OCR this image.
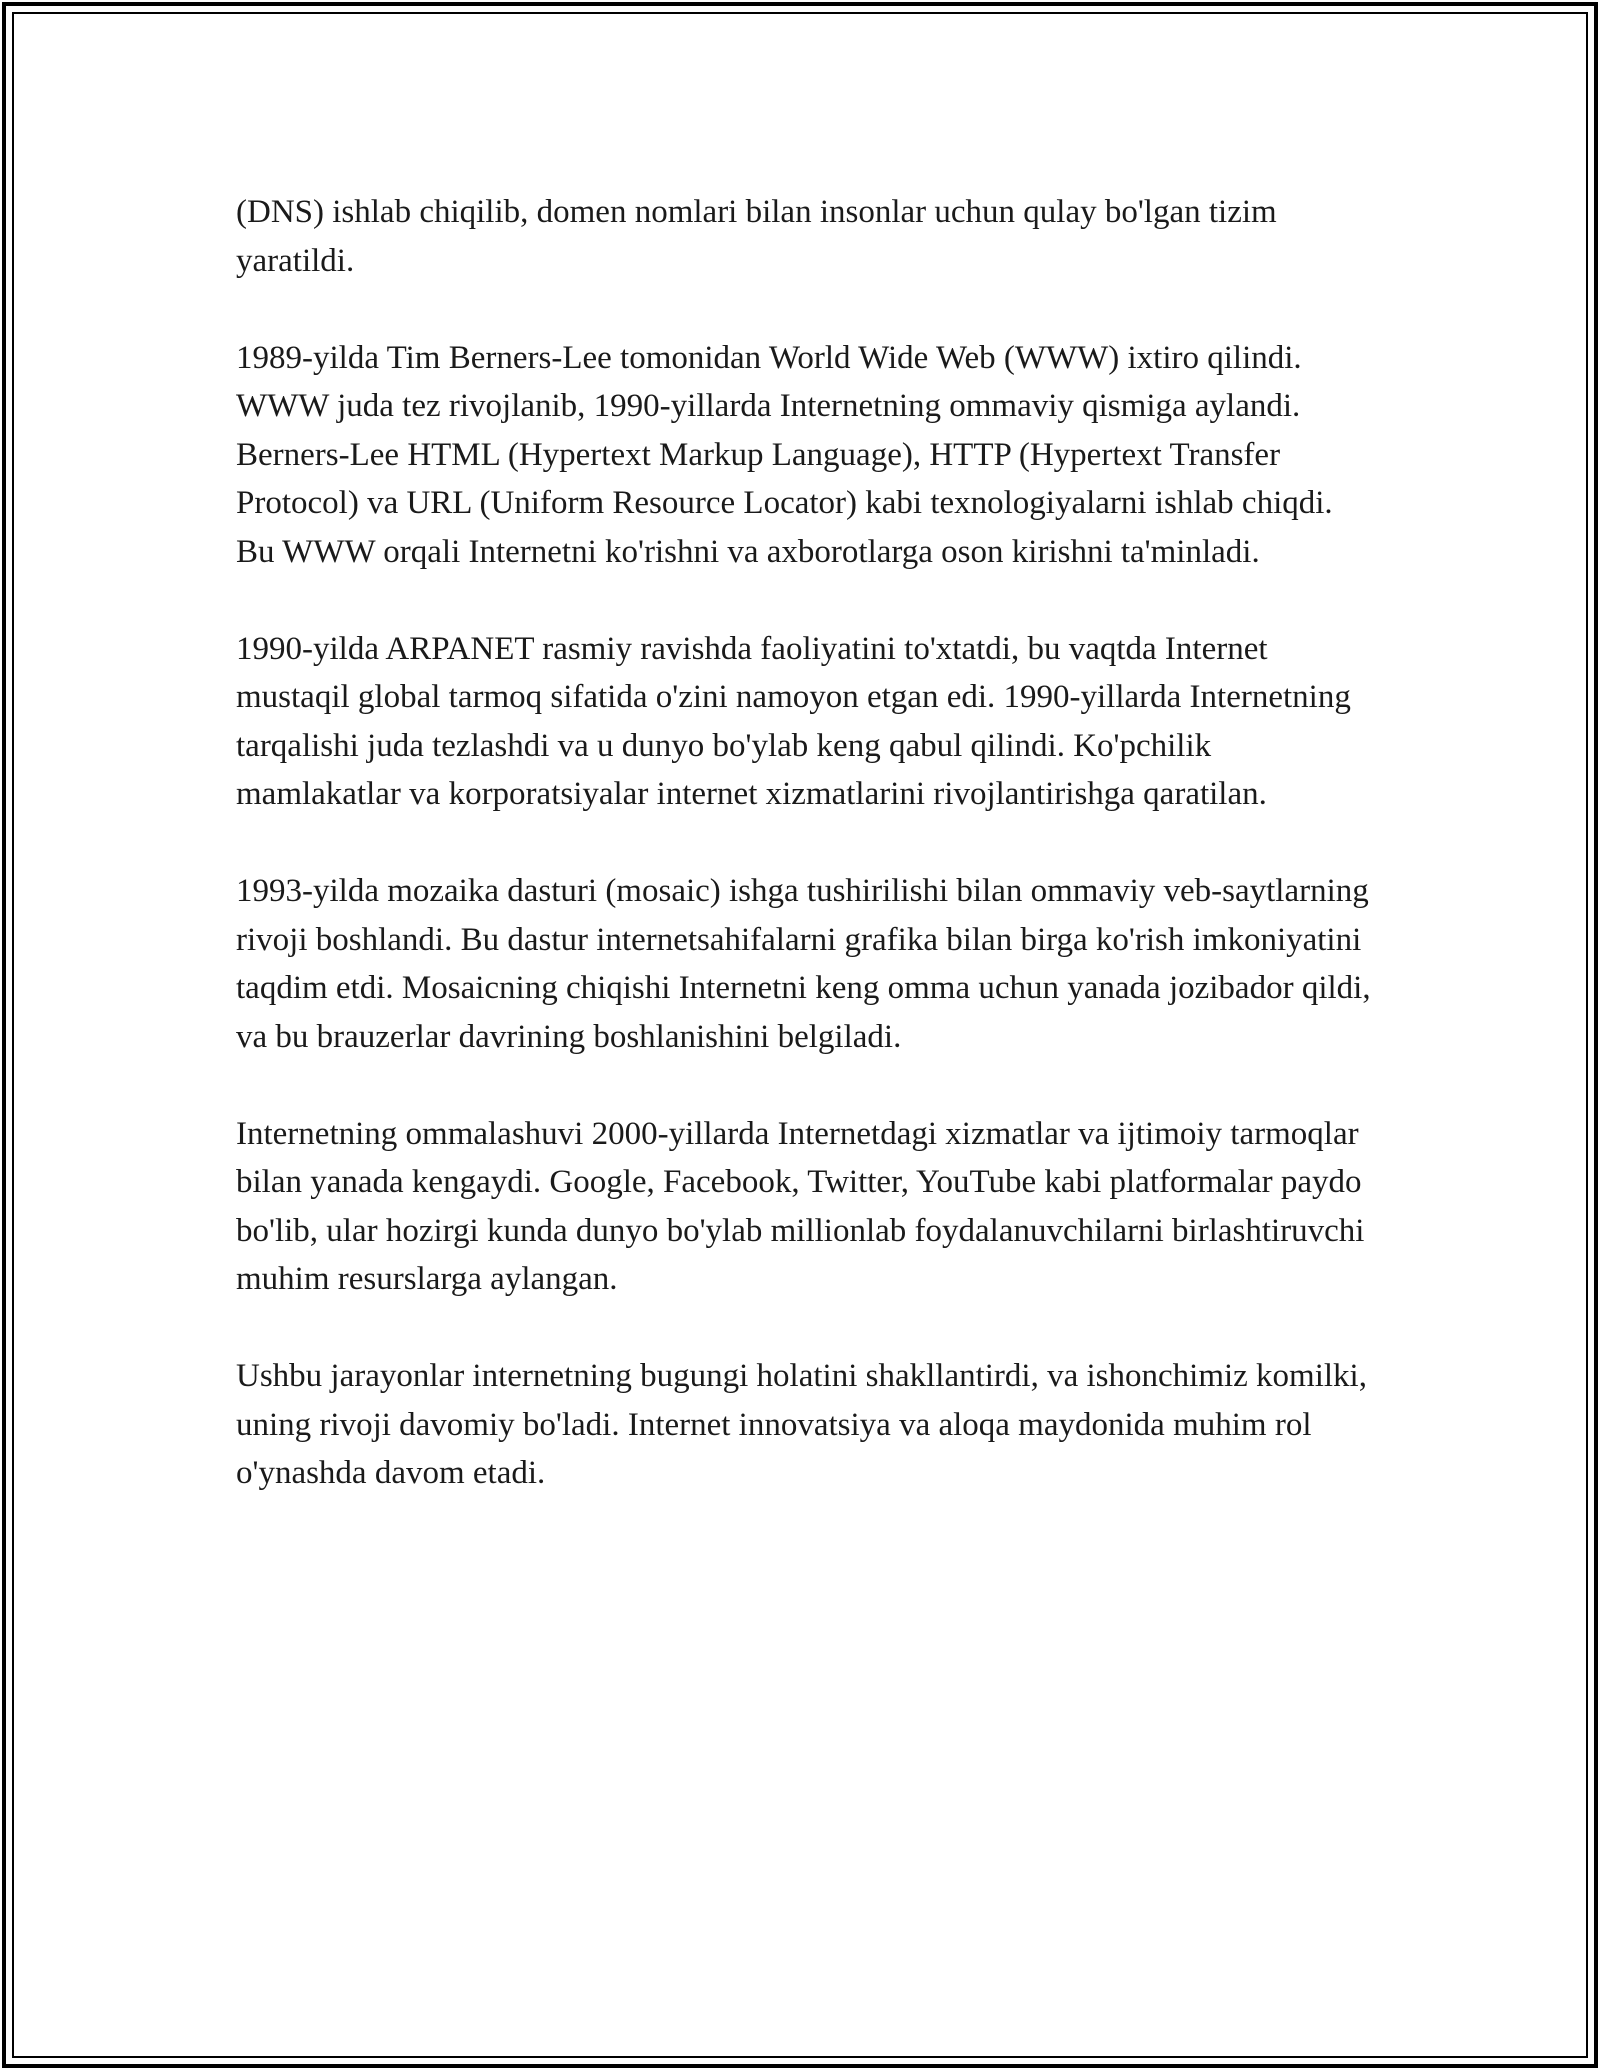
(DNS) ishlab chiqilib, domen nomlari bilan insonlar uchun qulay bo'lgan tizim yaratildi.

1989-yilda Tim Berners-Lee tomonidan World Wide Web (WWW) ixtiro qilindi. WWW juda tez rivojlanib, 1990-yillarda Internetning ommaviy qismiga aylandi. Berners-Lee HTML (Hypertext Markup Language), HTTP (Hypertext Transfer Protocol) va URL (Uniform Resource Locator) kabi texnologiyalarni ishlab chiqdi. Bu WWW orqali Internetni ko'rishni va axborotlarga oson kirishni ta'minladi.

1990-yilda ARPANET rasmiy ravishda faoliyatini to'xtatdi, bu vaqtda Internet mustaqil global tarmoq sifatida o'zini namoyon etgan edi. 1990-yillarda Internetning tarqalishi juda tezlashdi va u dunyo bo'ylab keng qabul qilindi. Ko'pchilik mamlakatlar va korporatsiyalar internet xizmatlarini rivojlantirishga qaratilan.

1993-yilda mozaika dasturi (mosaic) ishga tushirilishi bilan ommaviy veb-saytlarning rivoji boshlandi. Bu dastur internetsahifalarni grafika bilan birga ko'rish imkoniyatini taqdim etdi. Mosaicning chiqishi Internetni keng omma uchun yanada jozibador qildi, va bu brauzerlar davrining boshlanishini belgiladi.

Internetning ommalashuvi 2000-yillarda Internetdagi xizmatlar va ijtimoiy tarmoqlar bilan yanada kengaydi. Google, Facebook, Twitter, YouTube kabi platformalar paydo bo'lib, ular hozirgi kunda dunyo bo'ylab millionlab foydalanuvchilarni birlashtiruvchi muhim resurslarga aylangan.

Ushbu jarayonlar internetning bugungi holatini shakllantirdi, va ishonchimiz komilki, uning rivoji davomiy bo'ladi. Internet innovatsiya va aloqa maydonida muhim rol o'ynashda davom etadi.
